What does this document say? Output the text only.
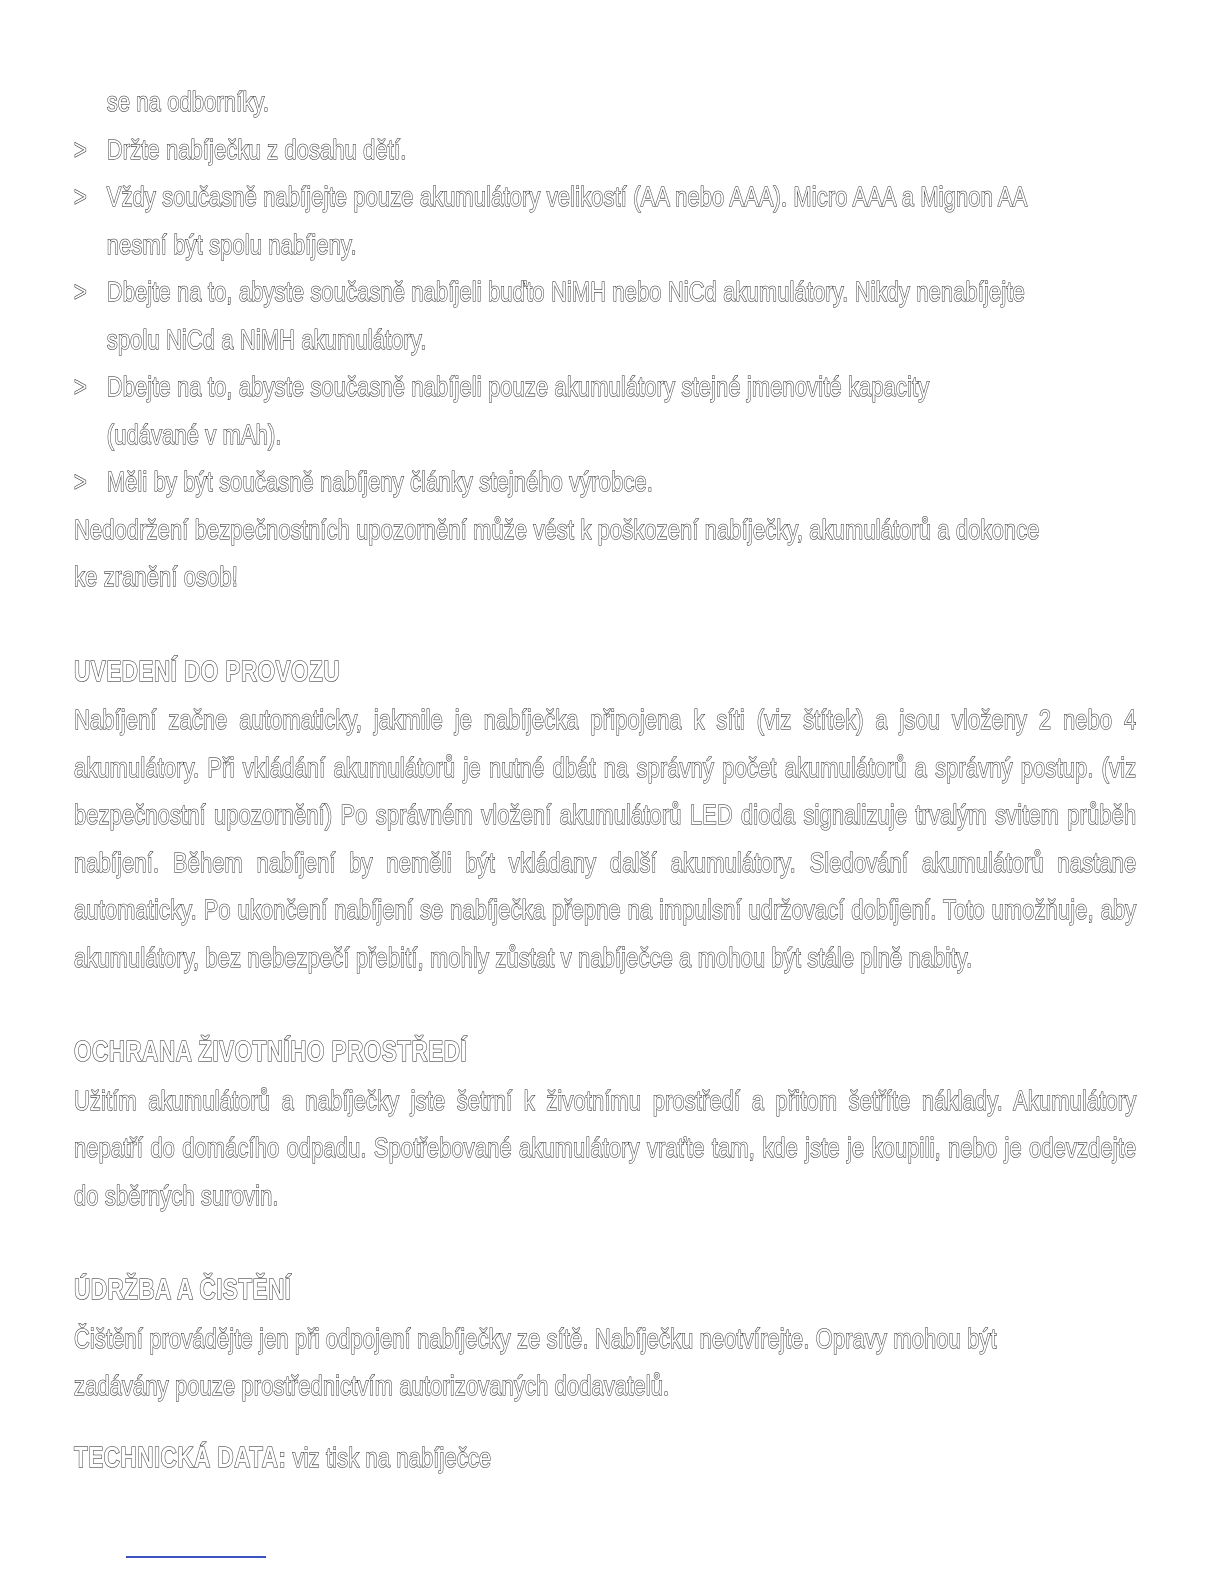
se na odborníky.
> Držte nabíječku z dosahu dětí.
> Vždy současně nabíjejte pouze akumulátory velikostí (AA nebo AAA). Micro AAA a Mignon AA
nesmí být spolu nabíjeny.
> Dbejte na to, abyste současně nabíjeli buďto NiMH nebo NiCd akumulátory. Nikdy nenabíjejte
spolu NiCd a NiMH akumulátory.
> Dbejte na to, abyste současně nabíjeli pouze akumulátory stejné jmenovité kapacity
(udávané v mAh).
> Měli by být současně nabíjeny články stejného výrobce.
Nedodržení bezpečnostních upozornění může vést k poškození nabíječky, akumulátorů a dokonce
ke zranění osob!
UVEDENÍ DO PROVOZU
Nabíjení začne automaticky, jakmile je nabíječka připojena k síti (viz štítek) a jsou vloženy 2 nebo 4 akumulátory. Při vkládání akumulátorů je nutné dbát na správný počet akumulátorů a správný postup. (viz bezpečnostní upozornění) Po správném vložení akumulátorů LED dioda signalizuje trvalým svitem průběh nabíjení. Během nabíjení by neměli být vkládany další akumulátory. Sledování akumulátorů nastane automaticky. Po ukončení nabíjení se nabíječka přepne na impulsní udržovací dobíjení. Toto umožňuje, aby akumulátory, bez nebezpečí přebití, mohly zůstat v nabíječce a mohou být stále plně nabity.
OCHRANA ŽIVOTNÍHO PROSTŘEDÍ
Užitím akumulátorů a nabíječky jste šetrní k životnímu prostředí a přitom šetříte náklady. Akumulátory nepatří do domácího odpadu. Spotřebované akumulátory vraťte tam, kde jste je koupili, nebo je odevzdejte do sběrných surovin.
ÚDRŽBA A ČISTĚNÍ
Čištění provádějte jen při odpojení nabíječky ze sítě. Nabíječku neotvírejte. Opravy mohou být
zadávány pouze prostřednictvím autorizovaných dodavatelů.
TECHNICKÁ DATA: viz tisk na nabíječce
